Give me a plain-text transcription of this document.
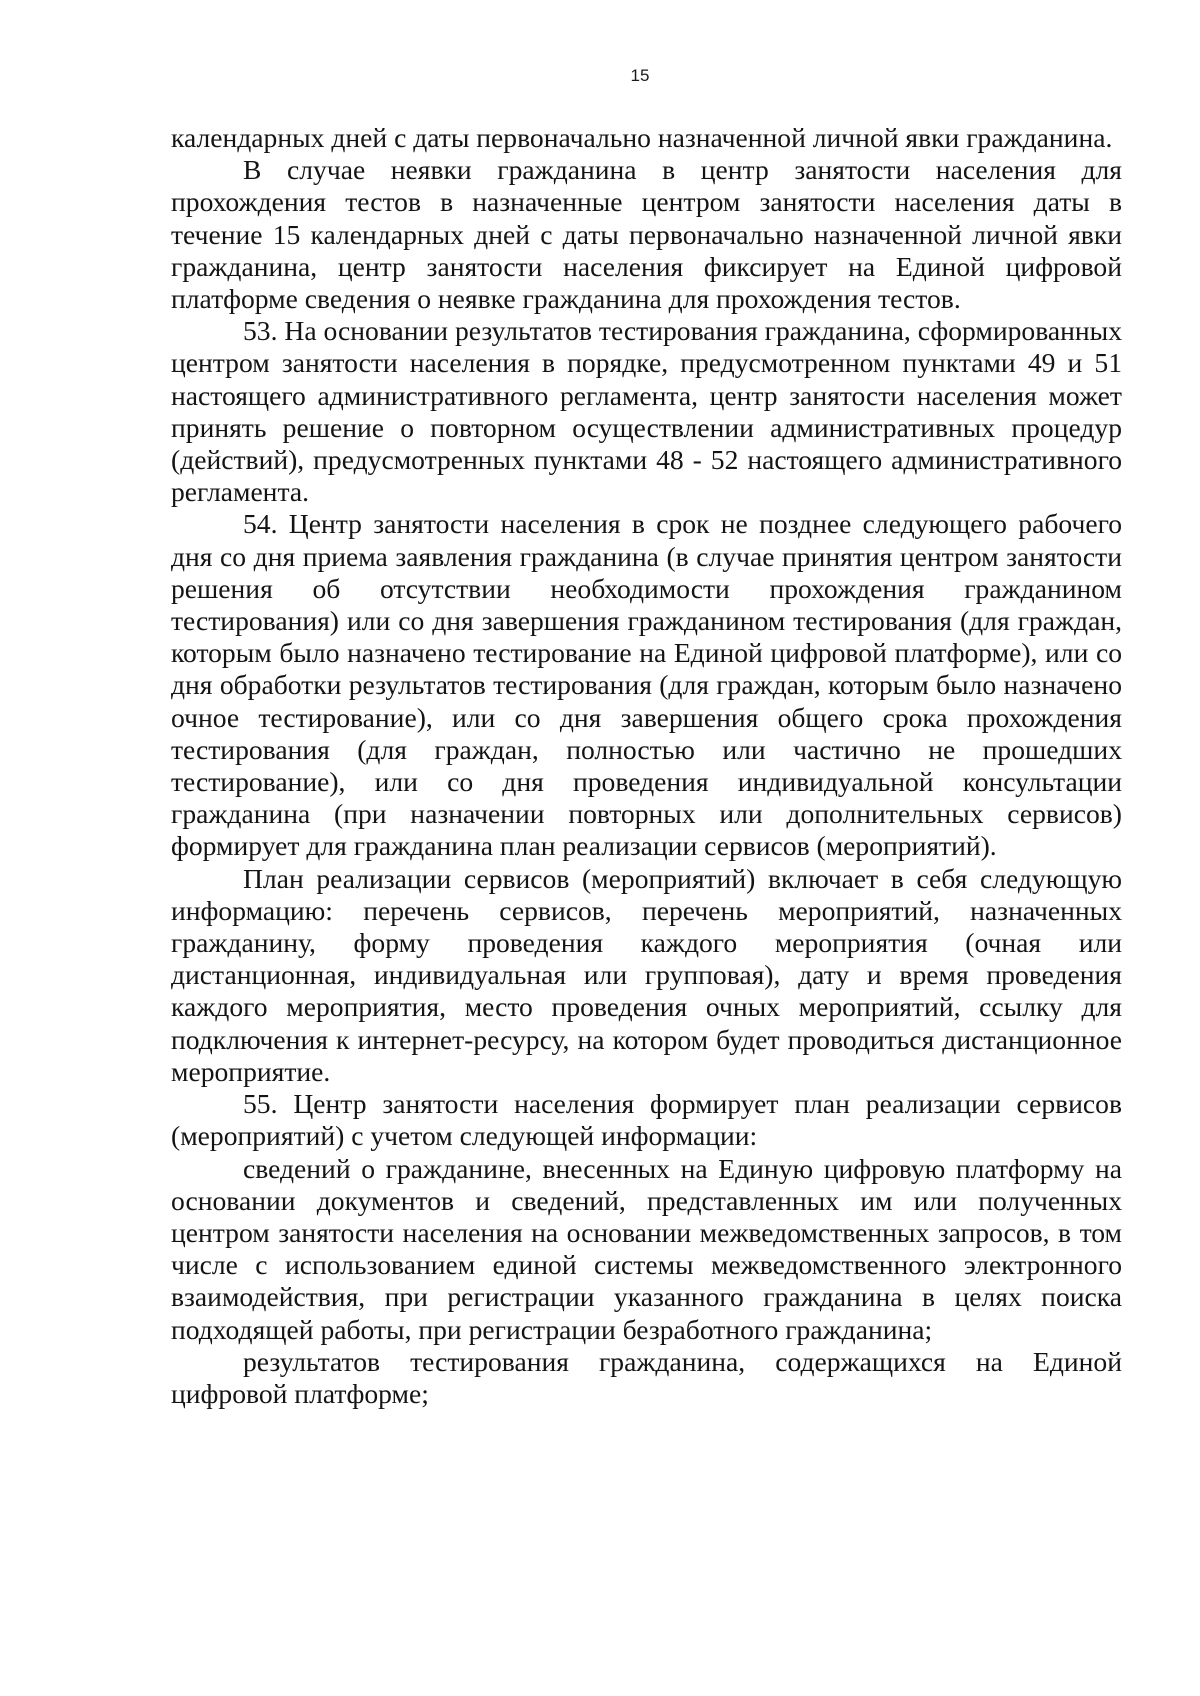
15

календарных дней с даты первоначально назначенной личной явки гражданина.

В случае неявки гражданина в центр занятости населения для прохождения тестов в назначенные центром занятости населения даты в течение 15 календарных дней с даты первоначально назначенной личной явки гражданина, центр занятости населения фиксирует на Единой цифровой платформе сведения о неявке гражданина для прохождения тестов.

53. На основании результатов тестирования гражданина, сформированных центром занятости населения в порядке, предусмотренном пунктами 49 и 51 настоящего административного регламента, центр занятости населения может принять решение о повторном осуществлении административных процедур (действий), предусмотренных пунктами 48 - 52 настоящего административного регламента.

54. Центр занятости населения в срок не позднее следующего рабочего дня со дня приема заявления гражданина (в случае принятия центром занятости решения об отсутствии необходимости прохождения гражданином тестирования) или со дня завершения гражданином тестирования (для граждан, которым было назначено тестирование на Единой цифровой платформе), или со дня обработки результатов тестирования (для граждан, которым было назначено очное тестирование), или со дня завершения общего срока прохождения тестирования (для граждан, полностью или частично не прошедших тестирование), или со дня проведения индивидуальной консультации гражданина (при назначении повторных или дополнительных сервисов) формирует для гражданина план реализации сервисов (мероприятий).

План реализации сервисов (мероприятий) включает в себя следующую информацию: перечень сервисов, перечень мероприятий, назначенных гражданину, форму проведения каждого мероприятия (очная или дистанционная, индивидуальная или групповая), дату и время проведения каждого мероприятия, место проведения очных мероприятий, ссылку для подключения к интернет-ресурсу, на котором будет проводиться дистанционное мероприятие.

55. Центр занятости населения формирует план реализации сервисов (мероприятий) с учетом следующей информации:

сведений о гражданине, внесенных на Единую цифровую платформу на основании документов и сведений, представленных им или полученных центром занятости населения на основании межведомственных запросов, в том числе с использованием единой системы межведомственного электронного взаимодействия, при регистрации указанного гражданина в целях поиска подходящей работы, при регистрации безработного гражданина;

результатов тестирования гражданина, содержащихся на Единой цифровой платформе;
